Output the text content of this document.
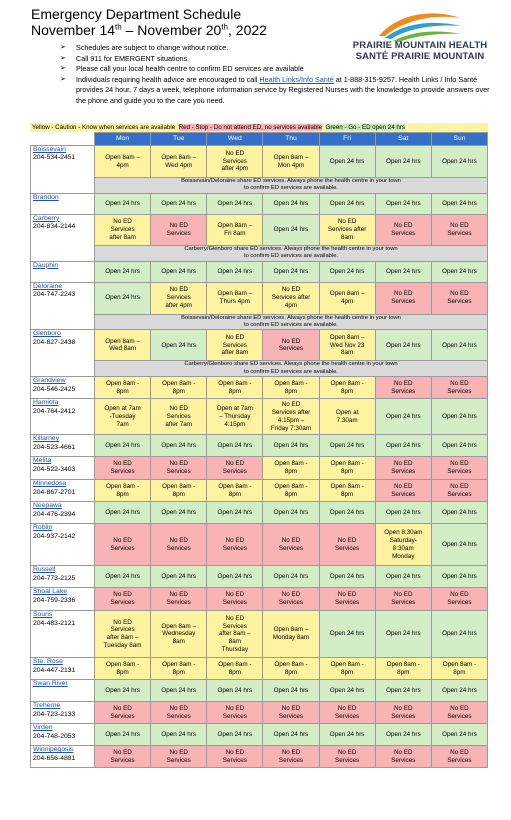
Emergency Department Schedule
November 14th – November 20th, 2022
PRAIRIE MOUNTAIN HEALTH
SANTÉ PRAIRIE MOUNTAIN
➢ Schedules are subject to change without notice.
➢ Call 911 for EMERGENT situations.
➢ Please call your local health centre to confirm ED services are available
➢ Individuals requiring health advice are encouraged to call Health Links/Info Santé at 1-888-315-9257. Health Links / Info Santé provides 24 hour, 7 days a week, telephone information service by Registered Nurses with the knowledge to provide answers over the phone and guide you to the care you need.
Yellow - Caution - Know when services are available Red - Stop - Do not attend ED, no services available Green - Go - ED open 24 hrs
	Mon	Tue	Wed	Thu	Fri	Sat	Sun

Boissevain
204-534-2451	Open 8am –
4pm	Open 8am –
Wed 4pm	No ED
Services
after 4pm	Open 8am –
Mon 4pm	Open 24 hrs	Open 24 hrs	Open 24 hrs
	Boissevain/Deloraine share ED services. Always phone the health centre in your town
to confirm ED services are available.						

Brandon	Open 24 hrs	Open 24 hrs	Open 24 hrs	Open 24 hrs	Open 24 hrs	Open 24 hrs	Open 24 hrs

Carberry
204-834-2144	No ED
Services
after 8am	No ED
Services	Open 8am –
Fri 8am	Open 24 hrs	No ED
Services after
8am	No ED
Services	No ED
Services
	Carberry/Glenboro share ED services. Always phone the health centre in your town
to confirm ED services are available.						

Dauphin	Open 24 hrs	Open 24 hrs	Open 24 hrs	Open 24 hrs	Open 24 hrs	Open 24 hrs	Open 24 hrs

Deloraine
204-747-2243	Open 24 hrs	No ED
Services
after 4pm	Open 8am –
Thurs 4pm	No ED
Services after
4pm	Open 8am –
4pm	No ED
Services	No ED
Services
	Boissevain/Deloraine share ED services. Always phone the health centre in your town
to confirm ED services are available.						

Glenboro
204-827-2438	Open 8am –
Wed 8am	Open 24 hrs	No ED
Services
after 8am	No ED
Services	Open 8am –
Wed Nov 23
8am	Open 24 hrs	Open 24 hrs
	Carberry/Glenboro share ED services. Always phone the health centre in your town
to confirm ED services are available.						

Grandview
204-546-2425	Open 8am -
8pm	Open 8am -
8pm	Open 8am -
8pm	Open 8am -
8pm	Open 8am -
8pm	No ED
Services	No ED
Services

Hamiota
204-764-2412	Open at 7am
-Tuesday
7am	No ED
Services
after 7am	Open at 7am
– Thursday
4:15pm	No ED
Services after
4:15pm –
Friday 7:30am	Open at
7:30am	Open 24 hrs	Open 24 hrs

Killarney
204-523-4661	Open 24 hrs	Open 24 hrs	Open 24 hrs	Open 24 hrs	Open 24 hrs	Open 24 hrs	Open 24 hrs

Melita
204-522-3403	No ED
Services	No ED
Services	No ED
Services	Open 8am -
8pm	Open 8am -
8pm	No ED
Services	No ED
Services

Minnedosa
204-867-2701	Open 8am -
8pm	Open 8am -
8pm	Open 8am -
8pm	Open 8am -
8pm	Open 8am -
8pm	No ED
Services	No ED
Services

Neepawa
204-476-2394	Open 24 hrs	Open 24 hrs	Open 24 hrs	Open 24 hrs	Open 24 hrs	Open 24 hrs	Open 24 hrs

Roblin
204-937-2142	No ED
Services	No ED
Services	No ED
Services	No ED
Services	No ED
Services	Open 8:30am
Saturday-
8:30am
Monday	Open 24 hrs

Russell
204-773-2125	Open 24 hrs	Open 24 hrs	Open 24 hrs	Open 24 hrs	Open 24 hrs	Open 24 hrs	Open 24 hrs

Shoal Lake
204-759-2336	No ED
Services	No ED
Services	No ED
Services	No ED
Services	No ED
Services	No ED
Services	No ED
Services

Souris
204-483-2121	No ED
Services
after 8am –
Tuesday 8am	Open 8am –
Wednesday
8am	No ED
Services
after 8am –
8am
Thursday	Open 8am –
Monday 8am	Open 24 hrs	Open 24 hrs	Open 24 hrs

Ste. Rose
204-447-2131	Open 8am -
8pm	Open 8am -
8pm	Open 8am -
8pm	Open 8am -
8pm	Open 8am -
8pm	Open 8am -
8pm	Open 8am -
8pm

Swan River	Open 24 hrs	Open 24 hrs	Open 24 hrs	Open 24 hrs	Open 24 hrs	Open 24 hrs	Open 24 hrs

Treherne
204-723-2133	No ED
Services	No ED
Services	No ED
Services	No ED
Services	No ED
Services	No ED
Services	No ED
Services

Virden
204-748-2053	Open 24 hrs	Open 24 hrs	Open 24 hrs	Open 24 hrs	Open 24 hrs	Open 24 hrs	Open 24 hrs

Winnipegosis
204-656-4881	No ED
Services	No ED
Services	No ED
Services	No ED
Services	No ED
Services	No ED
Services	No ED
Services
